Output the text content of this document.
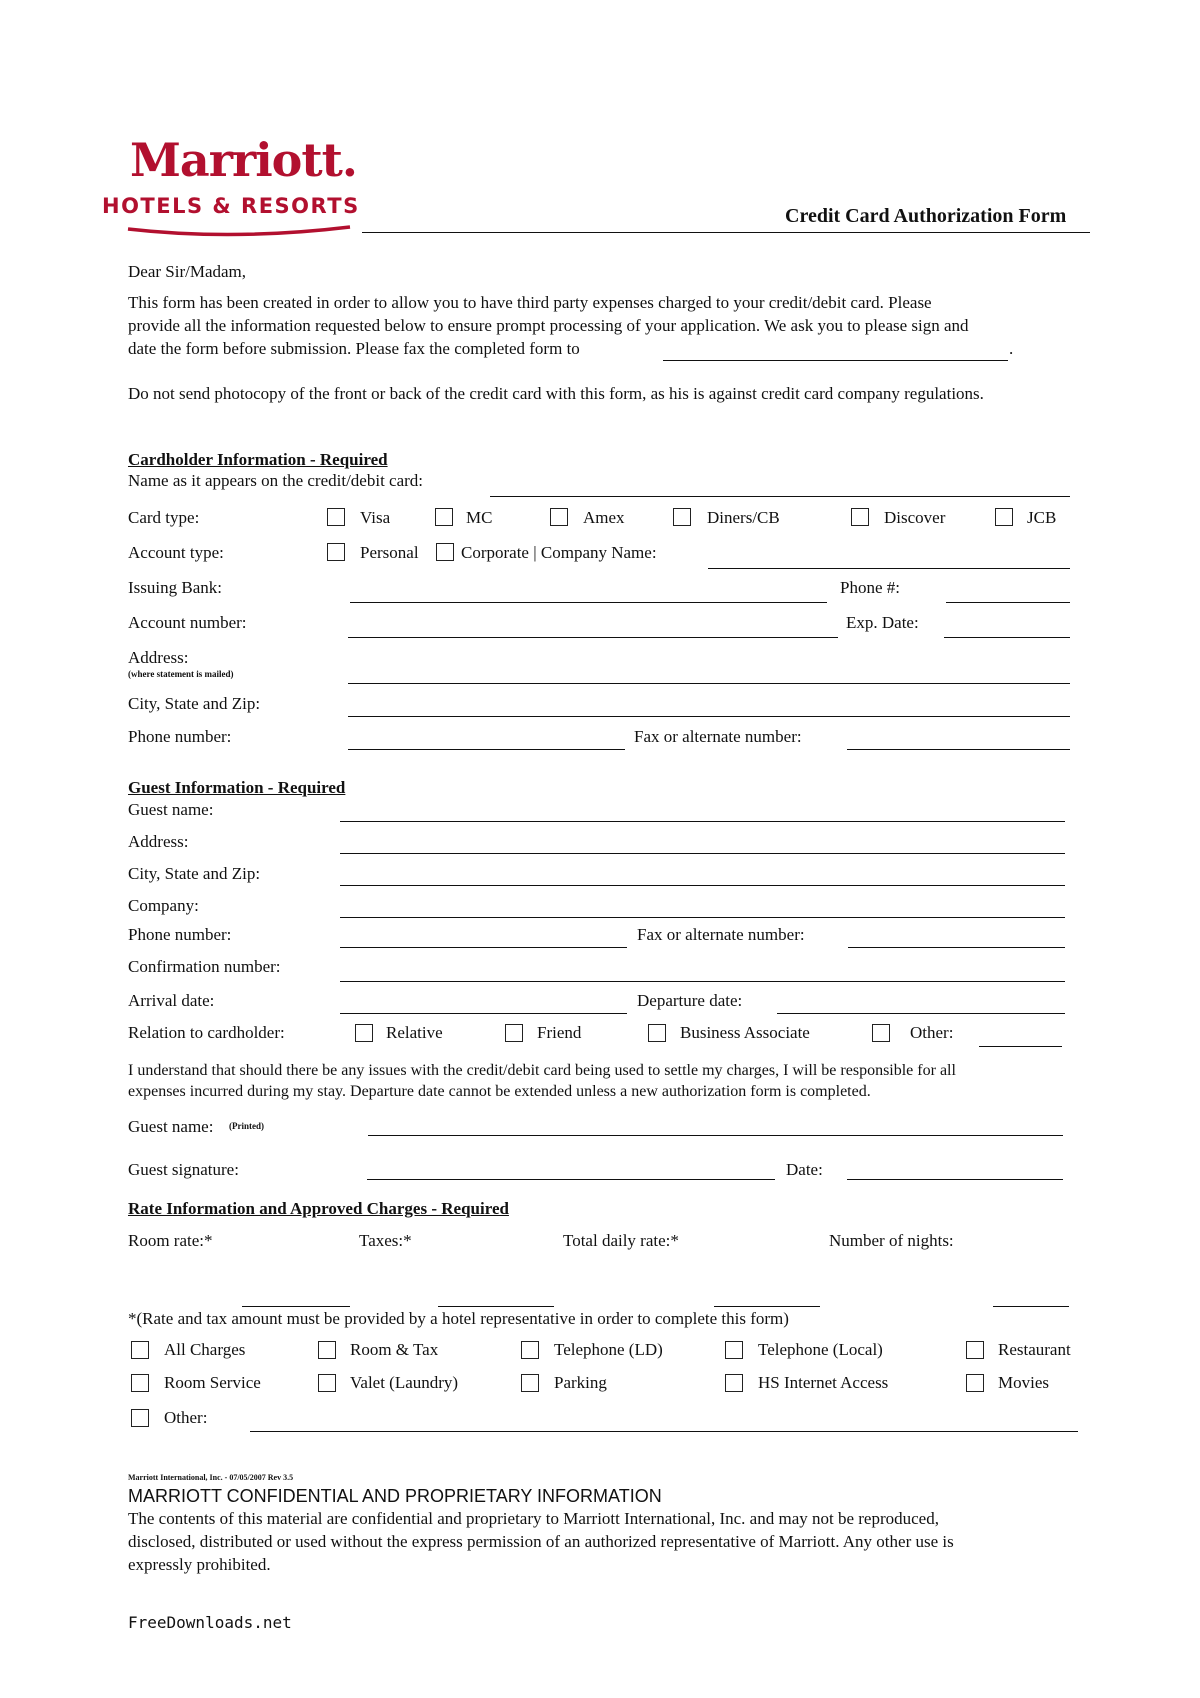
Marriott.
HOTELS & RESORTS	Credit Card Authorization Form
Dear Sir/Madam,
This form has been created in order to allow you to have third party expenses charged to your credit/debit card. Please
provide all the information requested below to ensure prompt processing of your application. We ask you to please sign and
date the form before submission. Please fax the completed form to	.
Do not send photocopy of the front or back of the credit card with this form, as his is against credit card company regulations.
Cardholder Information - Required
Name as it appears on the credit/debit card:
Card type:	Visa	MC	Amex	Diners/CB	Discover	JCB
Account type:	Personal Corporate | Company Name:
Issuing Bank:	Phone #:
Account number:	Exp. Date:
Address:
(where statement is mailed)
City, State and Zip:
Phone number:	Fax or alternate number:
Guest Information - Required
Guest name:
Address:
City, State and Zip:
Company:
Phone number:	Fax or alternate number:
Confirmation number:
Arrival date:	Departure date:
Relation to cardholder:	Relative	Friend	Business Associate	Other:
I understand that should there be any issues with the credit/debit card being used to settle my charges, I will be responsible for all
expenses incurred during my stay. Departure date cannot be extended unless a new authorization form is completed.
Guest name: (Printed)
Guest signature:	Date:
Rate Information and Approved Charges - Required
Room rate:*	Taxes:*	Total daily rate:*	Number of nights:
*(Rate and tax amount must be provided by a hotel representative in order to complete this form)
All Charges	Room & Tax	Telephone (LD)	Telephone (Local)	Restaurant
Room Service	Valet (Laundry)	Parking	HS Internet Access	Movies
Other:
Marriott International, Inc. - 07/05/2007 Rev 3.5
MARRIOTT CONFIDENTIAL AND PROPRIETARY INFORMATION
The contents of this material are confidential and proprietary to Marriott International, Inc. and may not be reproduced,
disclosed, distributed or used without the express permission of an authorized representative of Marriott. Any other use is
expressly prohibited.
FreeDownloads.net
